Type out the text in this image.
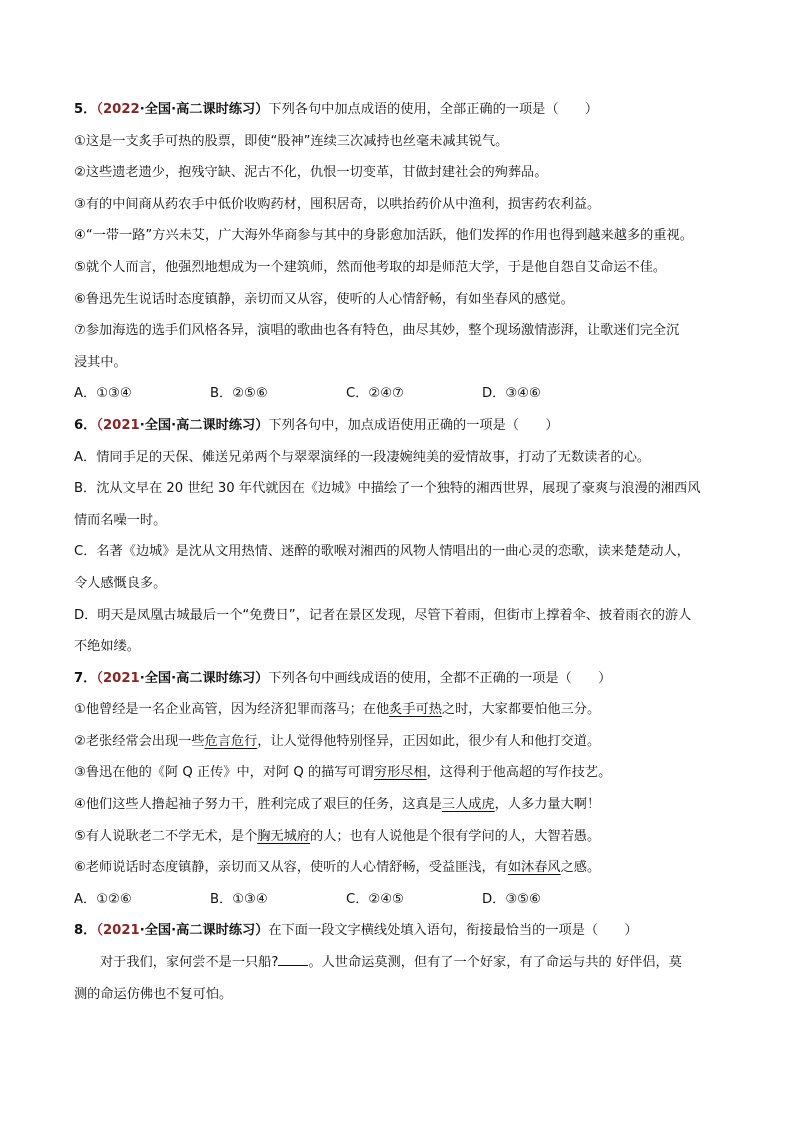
5．（2022·全国·高二课时练习）下列各句中加点成语的使用，全部正确的一项是（　　）
①这是一支炙手可热的股票，即使“股神”连续三次减持也丝毫未减其锐气。
②这些遗老遗少，抱残守缺、泥古不化，仇恨一切变革，甘做封建社会的殉葬品。
③有的中间商从药农手中低价收购药材，囤积居奇，以哄抬药价从中渔利，损害药农利益。
④“一带一路”方兴未艾，广大海外华商参与其中的身影愈加活跃，他们发挥的作用也得到越来越多的重视。
⑤就个人而言，他强烈地想成为一个建筑师，然而他考取的却是师范大学，于是他自怨自艾命运不佳。
⑥鲁迅先生说话时态度镇静，亲切而又从容，使听的人心情舒畅，有如坐春风的感觉。
⑦参加海选的选手们风格各异，演唱的歌曲也各有特色，曲尽其妙，整个现场激情澎湃，让歌迷们完全沉
浸其中。
A．①③④	B．②⑤⑥	C．②④⑦	D．③④⑥
6．（2021·全国·高二课时练习）下列各句中，加点成语使用正确的一项是（　　）
A．情同手足的天保、傩送兄弟两个与翠翠演绎的一段凄婉纯美的爱情故事，打动了无数读者的心。
B．沈从文早在 20 世纪 30 年代就因在《边城》中描绘了一个独特的湘西世界，展现了豪爽与浪漫的湘西风
情而名噪一时。
C．名著《边城》是沈从文用热情、迷醉的歌喉对湘西的风物人情唱出的一曲心灵的恋歌，读来楚楚动人，
令人感慨良多。
D．明天是凤凰古城最后一个“免费日”，记者在景区发现，尽管下着雨，但街市上撑着伞、披着雨衣的游人
不绝如缕。
7．（2021·全国·高二课时练习）下列各句中画线成语的使用，全都不正确的一项是（　　）
①他曾经是一名企业高管，因为经济犯罪而落马；在他炙手可热之时，大家都要怕他三分。
②老张经常会出现一些危言危行，让人觉得他特别怪异，正因如此，很少有人和他打交道。
③鲁迅在他的《阿 Q 正传》中，对阿 Q 的描写可谓穷形尽相，这得利于他高超的写作技艺。
④他们这些人撸起袖子努力干，胜利完成了艰巨的任务，这真是三人成虎，人多力量大啊！
⑤有人说耿老二不学无术，是个胸无城府的人；也有人说他是个很有学问的人，大智若愚。
⑥老师说话时态度镇静，亲切而又从容，使听的人心情舒畅，受益匪浅，有如沐春风之感。
A．①②⑥	B．①③④	C．②④⑤	D．③⑤⑥
8．（2021·全国·高二课时练习）在下面一段文字横线处填入语句，衔接最恰当的一项是（　　）
对于我们，家何尝不是一只船? 。人世命运莫测，但有了一个好家，有了命运与共的 好伴侣，莫
测的命运仿佛也不复可怕。
